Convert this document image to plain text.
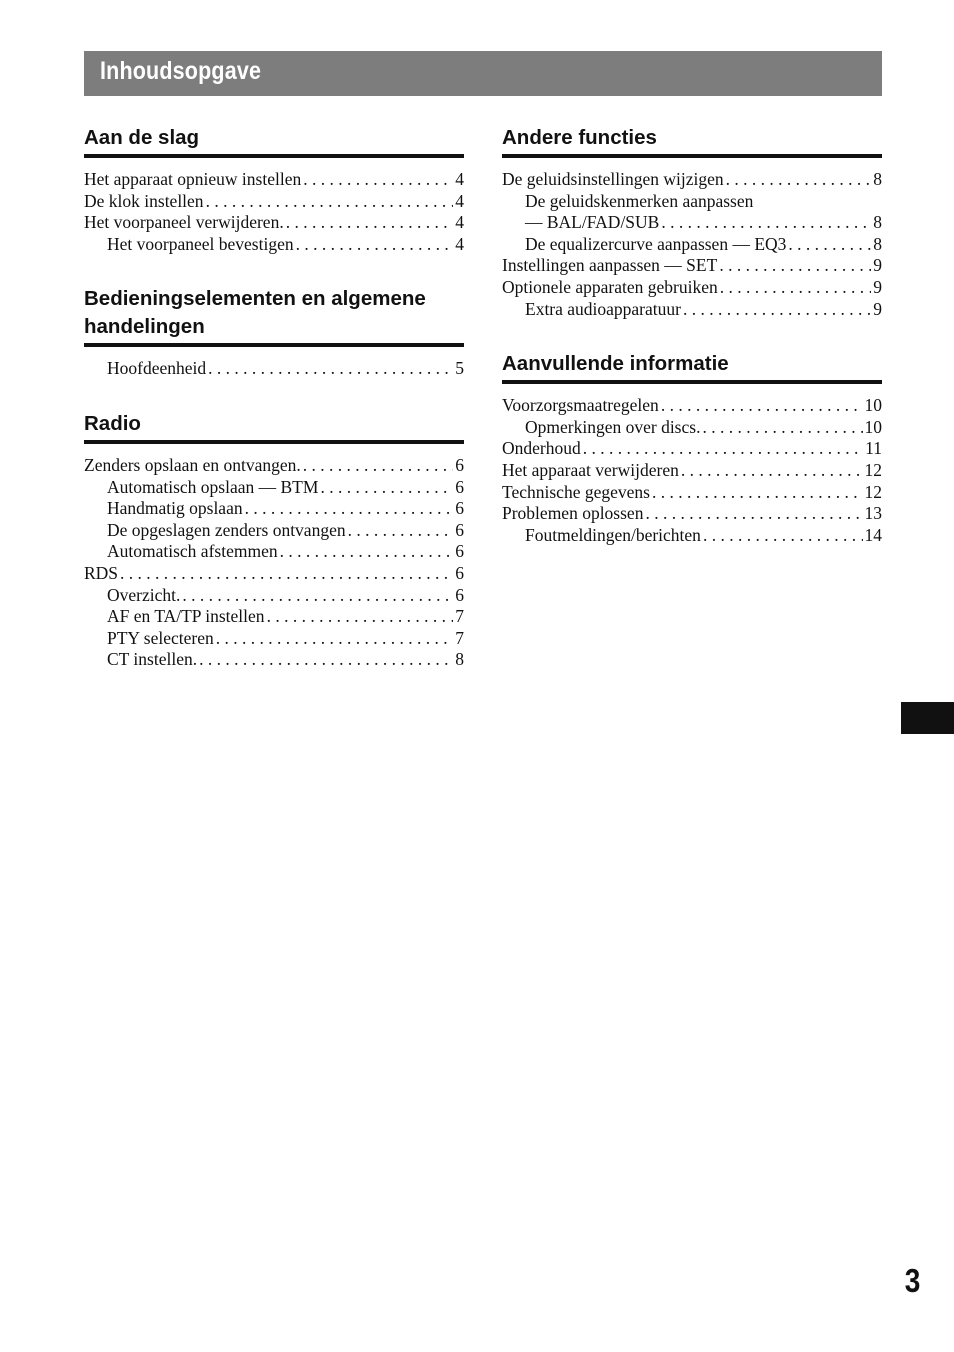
Inhoudsopgave
Aan de slag
Het apparaat opnieuw instellen . . .	4
De klok instellen . . .	4
Het voorpaneel verwijderen. . . .	4
Het voorpaneel bevestigen . . .	4
Bedieningselementen en algemene handelingen
Hoofdeenheid . . .	5
Radio
Zenders opslaan en ontvangen. . . .	6
Automatisch opslaan — BTM . . .	6
Handmatig opslaan . . .	6
De opgeslagen zenders ontvangen . . .	6
Automatisch afstemmen . . .	6
RDS . . .	6
Overzicht. . . .	6
AF en TA/TP instellen . . .	7
PTY selecteren . . .	7
CT instellen. . . .	8
Andere functies
De geluidsinstellingen wijzigen . . .	8
De geluidskenmerken aanpassen
— BAL/FAD/SUB . . .	8
De equalizercurve aanpassen — EQ3 . . .	8
Instellingen aanpassen — SET . . .	9
Optionele apparaten gebruiken . . .	9
Extra audioapparatuur . . .	9
Aanvullende informatie
Voorzorgsmaatregelen . . .	10
Opmerkingen over discs. . . .	10
Onderhoud . . .	11
Het apparaat verwijderen . . .	12
Technische gegevens . . .	12
Problemen oplossen . . .	13
Foutmeldingen/berichten . . .	14
3
